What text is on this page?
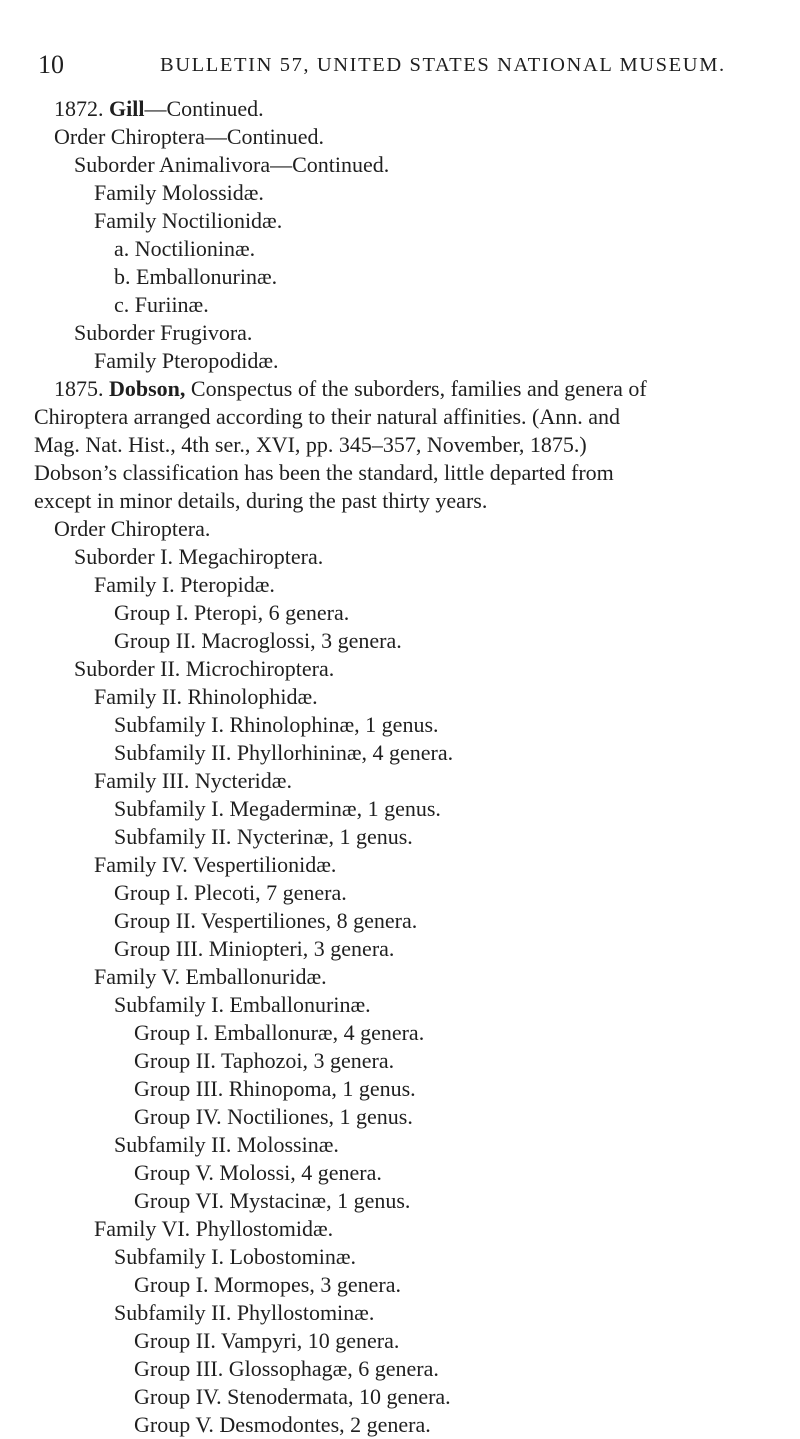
10	BULLETIN 57, UNITED STATES NATIONAL MUSEUM.
1872. Gill—Continued.
Order Chiroptera—Continued.
Suborder Animalivora—Continued.
Family Molossidæ.
Family Noctilionidæ.
a. Noctilioninæ.
b. Emballonurinæ.
c. Furiinæ.
Suborder Frugivora.
Family Pteropodidæ.
1875. Dobson, Conspectus of the suborders, families and genera of
Chiroptera arranged according to their natural affinities. (Ann. and
Mag. Nat. Hist., 4th ser., XVI, pp. 345–357, November, 1875.)
Dobson’s classification has been the standard, little departed from
except in minor details, during the past thirty years.
Order Chiroptera.
Suborder I. Megachiroptera.
Family I. Pteropidæ.
Group I. Pteropi, 6 genera.
Group II. Macroglossi, 3 genera.
Suborder II. Microchiroptera.
Family II. Rhinolophidæ.
Subfamily I. Rhinolophinæ, 1 genus.
Subfamily II. Phyllorhininæ, 4 genera.
Family III. Nycteridæ.
Subfamily I. Megaderminæ, 1 genus.
Subfamily II. Nycterinæ, 1 genus.
Family IV. Vespertilionidæ.
Group I. Plecoti, 7 genera.
Group II. Vespertiliones, 8 genera.
Group III. Miniopteri, 3 genera.
Family V. Emballonuridæ.
Subfamily I. Emballonurinæ.
Group I. Emballonuræ, 4 genera.
Group II. Taphozoi, 3 genera.
Group III. Rhinopoma, 1 genus.
Group IV. Noctiliones, 1 genus.
Subfamily II. Molossinæ.
Group V. Molossi, 4 genera.
Group VI. Mystacinæ, 1 genus.
Family VI. Phyllostomidæ.
Subfamily I. Lobostominæ.
Group I. Mormopes, 3 genera.
Subfamily II. Phyllostominæ.
Group II. Vampyri, 10 genera.
Group III. Glossophagæ, 6 genera.
Group IV. Stenodermata, 10 genera.
Group V. Desmodontes, 2 genera.
